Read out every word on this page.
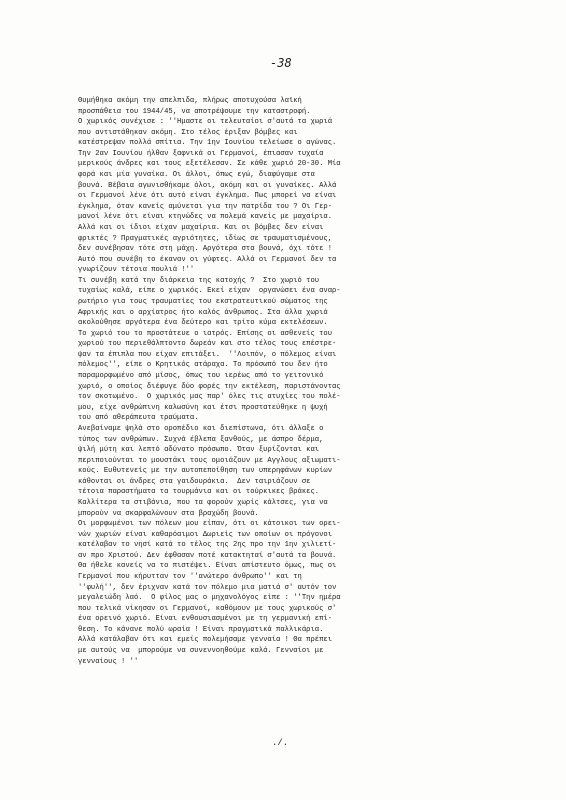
-38
Θυμήθηκα ακόμη την απελπιδα, πλήρως αποτυχούσα λαϊκή
προσπάθεια του 1944/45, να αποτρέψουμε την καταστροφή.
Ο χωρικός συνέχισε : ''Ημαστε οι τελευταίοι σ'αυτά τα χωριά
που αντιστάθηκαν ακόμη. Στο τέλος έριξαν βόμβες και
κατέστρεψαν πολλά σπίτια. Την 1ην Ιουνίου τελείωσε ο αγώνας.
Την 2αν Ιουνίου ήλθαν ξαφνικά οι Γερμανοί, έπιασαν τυχαία
μερικούς άνδρες και τους εξετέλεσαν. Σε κάθε χωριό 20-30. Μία
φορά και μία γυναίκα. Οι άλλοι, όπως εγώ, διαφύγαμε στα
βουνά. Βέβαια αγωνισθήκαμε όλοι, ακόμη και οι γυναίκες. Αλλά
οι Γερμανοί λένε ότι αυτό είναι έγκλημα. Πως μπορεί να είναι
έγκλημα, όταν κανείς αμύνεται για την πατρίδα του ? Οι Γερ-
μανοί λένε ότι είναι κτηνώδες να πολεμά κανείς με μαχαίρια.
Αλλά και οι ίδιοι είχαν μαχαίρια. Και οι βόμβες δεν είναι
φρικτές ? Πραγματικές αγριότητες, ιδίως σε τραυματισμένους,
δεν συνέβησαν τότε στη μάχη. Αργότερα στα βουνά, όχι τότε !
Αυτό που συνέβη το έκαναν οι γύφτες. Αλλά οι Γερμανοί δεν τα
γνωρίζουν τέτοια πουλιά !''
Τι συνέβη κατά την διάρκεια της κατοχής ?  Στο χωριό του
τυχαίως καλά, είπε ο χωρικός. Εκεί είχαν  οργανώσει ένα αναρ-
ρωτήριο για τους τραυματίες του εκστρατευτικού σώματος της
Αφρικής και ο αρχίατρος ήτο καλός άνθρωπος. Στα άλλα χωριά
ακολούθησε αργότερα ένα δεύτερο και τρίτο κύμα εκτελέσεων.
Το χωριό του το προστάτευε ο ιατρός. Επίσης οι ασθενείς του
χωριού του περιεθάλπτοντο δωρεάν και στο τέλος τους επέστρε-
ψαν τα έπιπλα που είχαν επιτάξει.  ''Λοιπόν, ο πόλεμος είναι
πόλεμος'', είπε ο Κρητικός ατάραχα. Το πρόσωπό του δεν ήτο
παραμορφωμένο από μίσος, όπως του ιερέως από το γειτονικό
χωριό, ο οποίος διέφυγε δύο φορές την εκτέλεση, παριστάνοντας
τον σκοτωμένο.  Ο χωρικός μας παρ' όλες τις ατυχίες του πολέ-
μου, είχε ανθρώπινη καλωσύνη και έτσι προστατεύθηκε η ψυχή
του από αθεράπευτα τραύματα.
Ανεβαίναμε ψηλά στο οροπέδιο και διεπίστωνα, ότι άλλαξε ο
τύπος των ανθρώπων. Συχνά έβλεπα ξανθούς, με άσπρο δέρμα,
ψιλή μύτη και λεπτό αδύνατο πρόσωπο. Όταν ξυρίζονται και
περιποιούνται το μουστάκι τους ομοιάζουν με Αγγλους αξιωματι-
κούς. Ευθυτενείς με την αυτοπεποίθηση των υπερηφάνων κυρίων
κάθονται οι άνδρες στα γαιδουράκια.  Δεν ταιριάζουν σε
τέτοια παραστήματα τα τουρμάνια και οι τούρκικες βράκες.
Καλλίτερα τα στιβάνια, που τα φορούν χωρίς κάλτσες, για να
μπορούν να σκαρφαλώνουν στα βραχώδη βουνά.
Οι μορφωμένοι των πόλεων μου είπαν, ότι οι κάτοικοι των ορει-
νών χωριών είναι καθαρόαιμοι Δωριείς των οποίων οι πρόγονοι
κατέλαβαν το νησί κατά το τέλος της 2ης προ την 1ην χιλιετί-
αν προ Χριστού. Δεν έφθασαν ποτέ κατακτηταί σ'αυτά τα βουνά.
Θα ήθελε κανείς να το πιστέψει. Είναι απίστευτο όμως, πως οι
Γερμανοί που κήρυτταν τον ''ανώτερο άνθρωπο'' και τη
''φυλή'', δεν έριχναν κατά τον πόλεμο μια ματιά σ' αυτόν τον
μεγαλειώδη λαό.  Ο φίλος μας ο μηχανολόγος είπε : ''Την ημέρα
που τελικά νίκησαν οι Γερμανοί, καθόμουν με τους χωρικούς σ'
ένα ορεινό χωριό. Είναι ενθουσιασμένοι με τη γερμανική επί-
θεση. Το κάνανε πολύ ωραία ! Είναι πραγματικά παλλικάρια.
Αλλά κατάλαβαν ότι και εμείς πολεμήσαμε γενναία ! Θα πρέπει
με αυτούς να  μπορούμε να συνεννοηθούμε καλά. Γενναίοι με
γενναίους ! ''
./.
